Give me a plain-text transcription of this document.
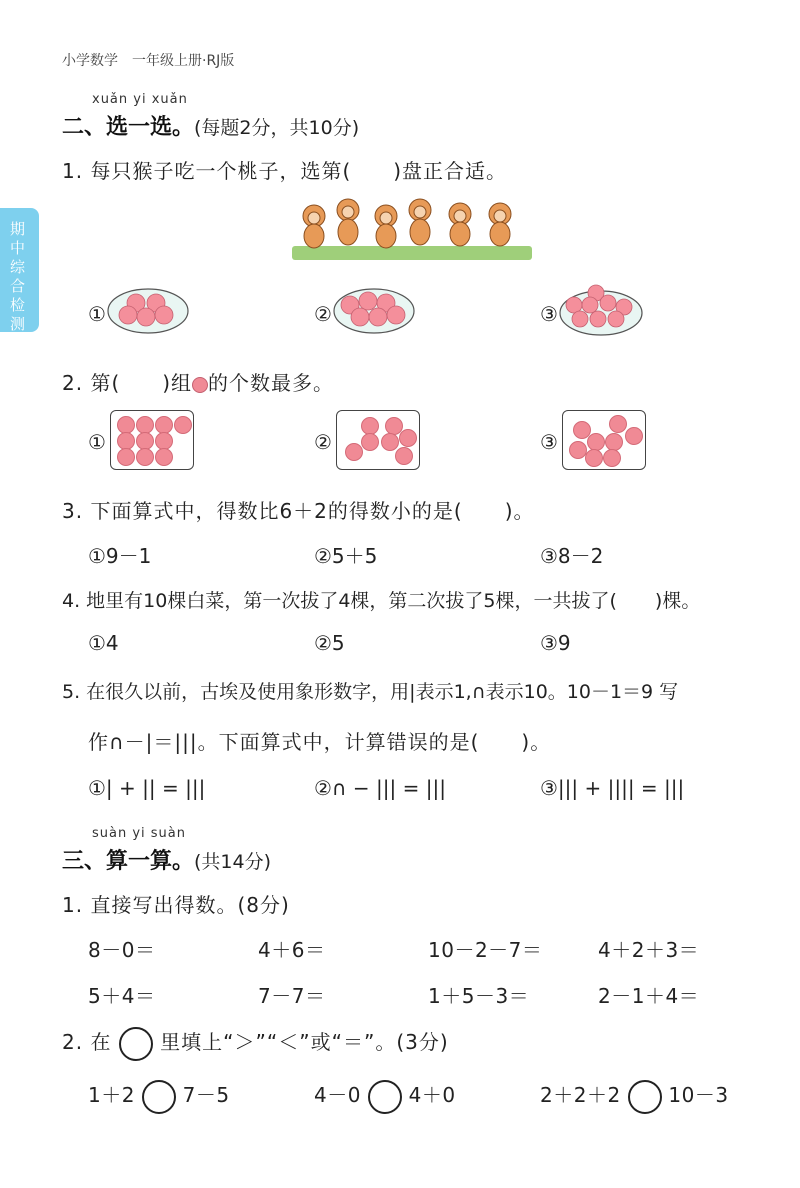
小学数学　一年级上册·RJ版
期中综合检测
xuǎn yi xuǎn
二、选一选。(每题2分，共10分)
1. 每只猴子吃一个桃子，选第(　　)盘正合适。
①	②	③
2. 第(　　)组 的个数最多。
①	②	③
3. 下面算式中，得数比6＋2的得数小的是(　　)。
①9－1	②5＋5	③8－2
4. 地里有10棵白菜，第一次拔了4棵，第二次拔了5棵，一共拔了(　　)棵。
①4	②5	③9
5. 在很久以前，古埃及使用象形数字，用|表示1,∩表示10。10－1＝9 写
作∩－|＝|||。下面算式中，计算错误的是(　　)。
①| + || = |||	②∩ − ||| = |||	③||| + |||| = |||
suàn yi suàn
三、算一算。(共14分)
1. 直接写出得数。(8分)
8－0＝	4＋6＝	10－2－7＝	4＋2＋3＝
5＋4＝	7－7＝	1＋5－3＝	2－1＋4＝
2. 在 里填上“＞”“＜”或“＝”。(3分)
1＋2 7－5	4－0 4＋0	2＋2＋2 10－3
